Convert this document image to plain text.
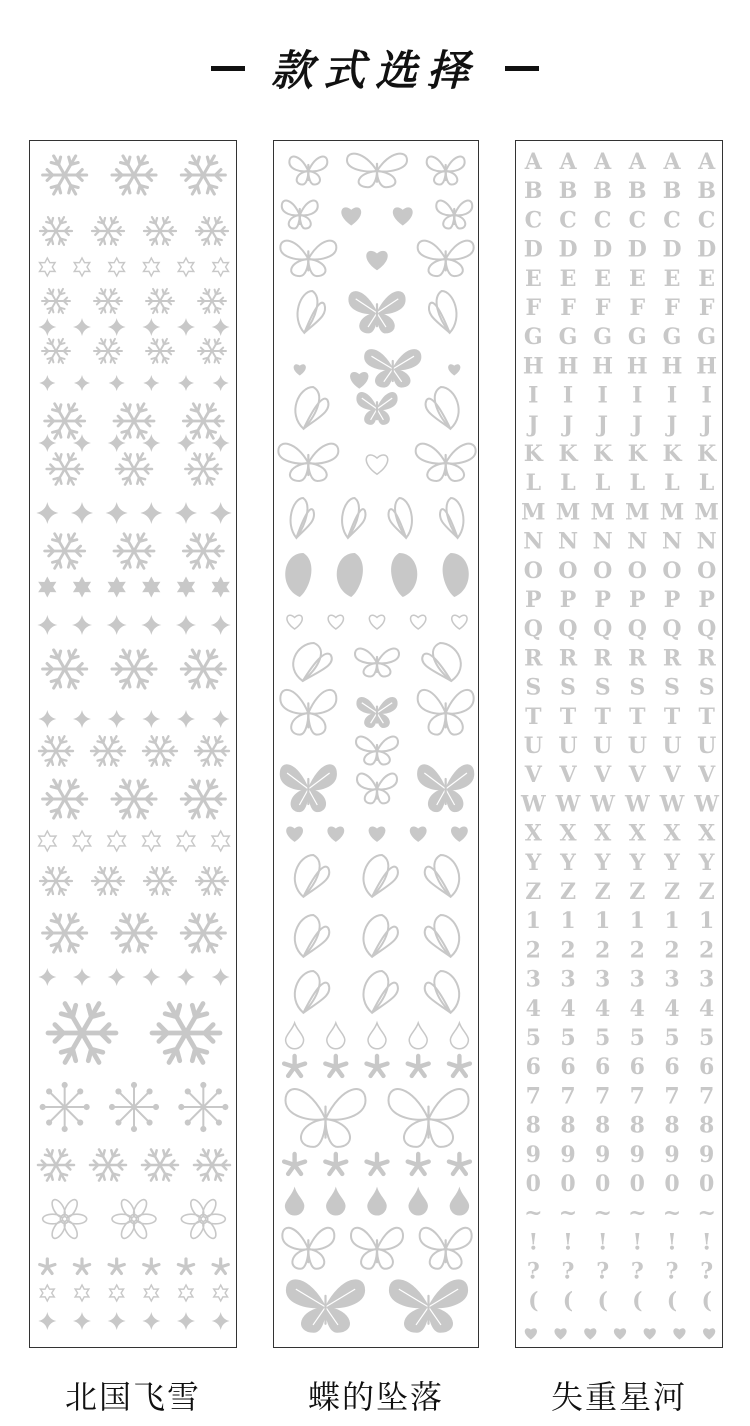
款式选择
A A A A A A
B B B B B B
C C C C C C
D D D D D D
E E E E E E
F F F F F F
G G G G G G
H H H H H H
I I I I I I
J J J J J J
K K K K K K
L L L L L L
M M M M M M
N N N N N N
O O O O O O
P P P P P P
Q Q Q Q Q Q
R R R R R R
S S S S S S
T T T T T T
U U U U U U
V V V V V V
W W W W W W
X X X X X X
Y Y Y Y Y Y
Z Z Z Z Z Z
1 1 1 1 1 1
2 2 2 2 2 2
3 3 3 3 3 3
4 4 4 4 4 4
5 5 5 5 5 5
6 6 6 6 6 6
7 7 7 7 7 7
8 8 8 8 8 8
9 9 9 9 9 9
0 0 0 0 0 0
~ ~ ~ ~ ~ ~
! ! ! ! ! !
? ? ? ? ? ?
( ( ( ( ( (
北国飞雪	蝶的坠落	失重星河
